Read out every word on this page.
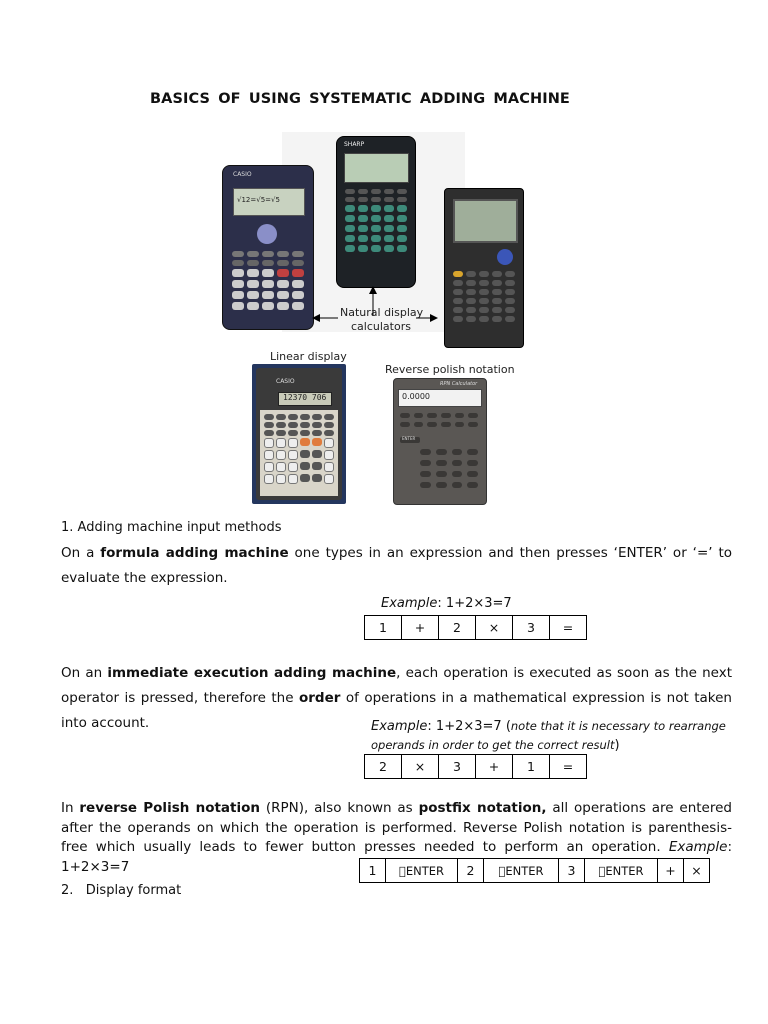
BASICS OF USING SYSTEMATIC ADDING MACHINE
CASIO
√12=√5=√5
SHARP
Natural display
calculators
Linear display
CASIO
12370 706
Reverse polish notation
RPN Calculator
0.0000
ENTER
1. Adding machine input methods
On a formula adding machine one types in an expression and then presses ‘ENTER’ or ‘=’ to evaluate the expression.
Example: 1+2×3=7
1	+	2	×	3	=
On an immediate execution adding machine, each operation is executed as soon as the next operator is pressed, therefore the order of operations in a mathematical expression is not taken into account.	Example: 1+2×3=7 (note that it is necessary to rearrange
operands in order to get the correct result)
2	×	3	+	1	=
In reverse Polish notation (RPN), also known as postfix notation, all operations are entered after the operands on which the operation is performed. Reverse Polish notation is parenthesis-free which usually leads to fewer button presses needed to perform an operation. Example: 1+2×3=7	1	 ENTER	2	 ENTER	3	 ENTER	+	×
2.   Display format
